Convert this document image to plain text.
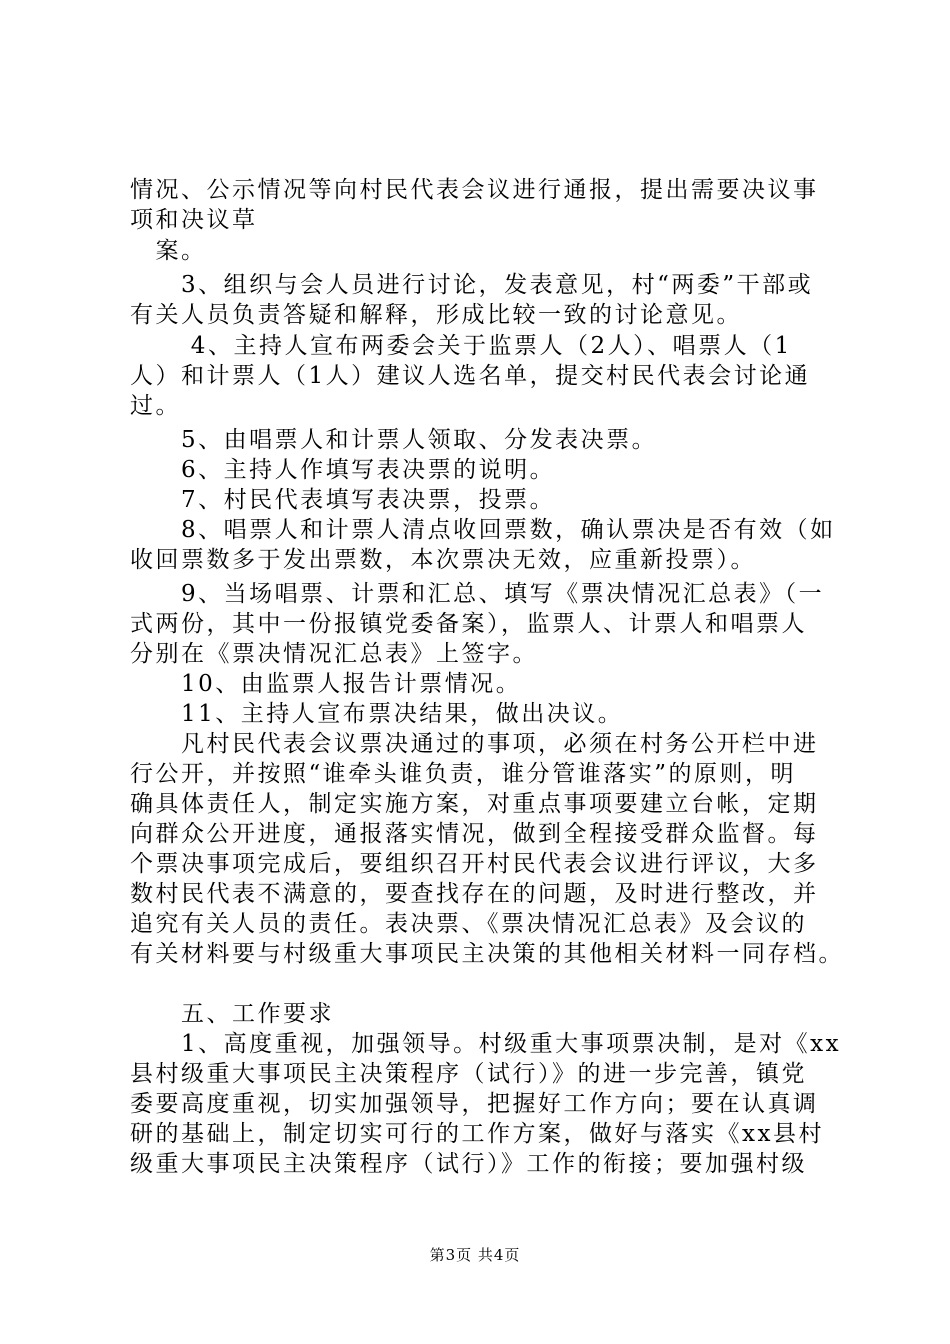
情况、公示情况等向村民代表会议进行通报，提出需要决议事
项和决议草
　案。
　　3、组织与会人员进行讨论，发表意见，村“两委”干部或
有关人员负责答疑和解释，形成比较一致的讨论意见。
　　 4、主持人宣布两委会关于监票人（2人）、唱票人（1
人）和计票人（1人）建议人选名单，提交村民代表会讨论通
过。
　　5、由唱票人和计票人领取、分发表决票。
　　6、主持人作填写表决票的说明。
　　7、村民代表填写表决票，投票。
　　8、唱票人和计票人清点收回票数，确认票决是否有效（如
收回票数多于发出票数，本次票决无效，应重新投票）。
　　9、当场唱票、计票和汇总、填写《票决情况汇总表》（一
式两份，其中一份报镇党委备案），监票人、计票人和唱票人
分别在《票决情况汇总表》上签字。
　　10、由监票人报告计票情况。
　　11、主持人宣布票决结果，做出决议。
　　凡村民代表会议票决通过的事项，必须在村务公开栏中进
行公开，并按照“谁牵头谁负责，谁分管谁落实”的原则，明
确具体责任人，制定实施方案，对重点事项要建立台帐，定期
向群众公开进度，通报落实情况，做到全程接受群众监督。每
个票决事项完成后，要组织召开村民代表会议进行评议，大多
数村民代表不满意的，要查找存在的问题，及时进行整改，并
追究有关人员的责任。表决票、《票决情况汇总表》及会议的
有关材料要与村级重大事项民主决策的其他相关材料一同存档。
　　五、工作要求
　　1、高度重视，加强领导。村级重大事项票决制，是对《xx
县村级重大事项民主决策程序（试行）》的进一步完善，镇党
委要高度重视，切实加强领导，把握好工作方向；要在认真调
研的基础上，制定切实可行的工作方案，做好与落实《xx县村
级重大事项民主决策程序（试行）》工作的衔接；要加强村级
第3页 共4页
